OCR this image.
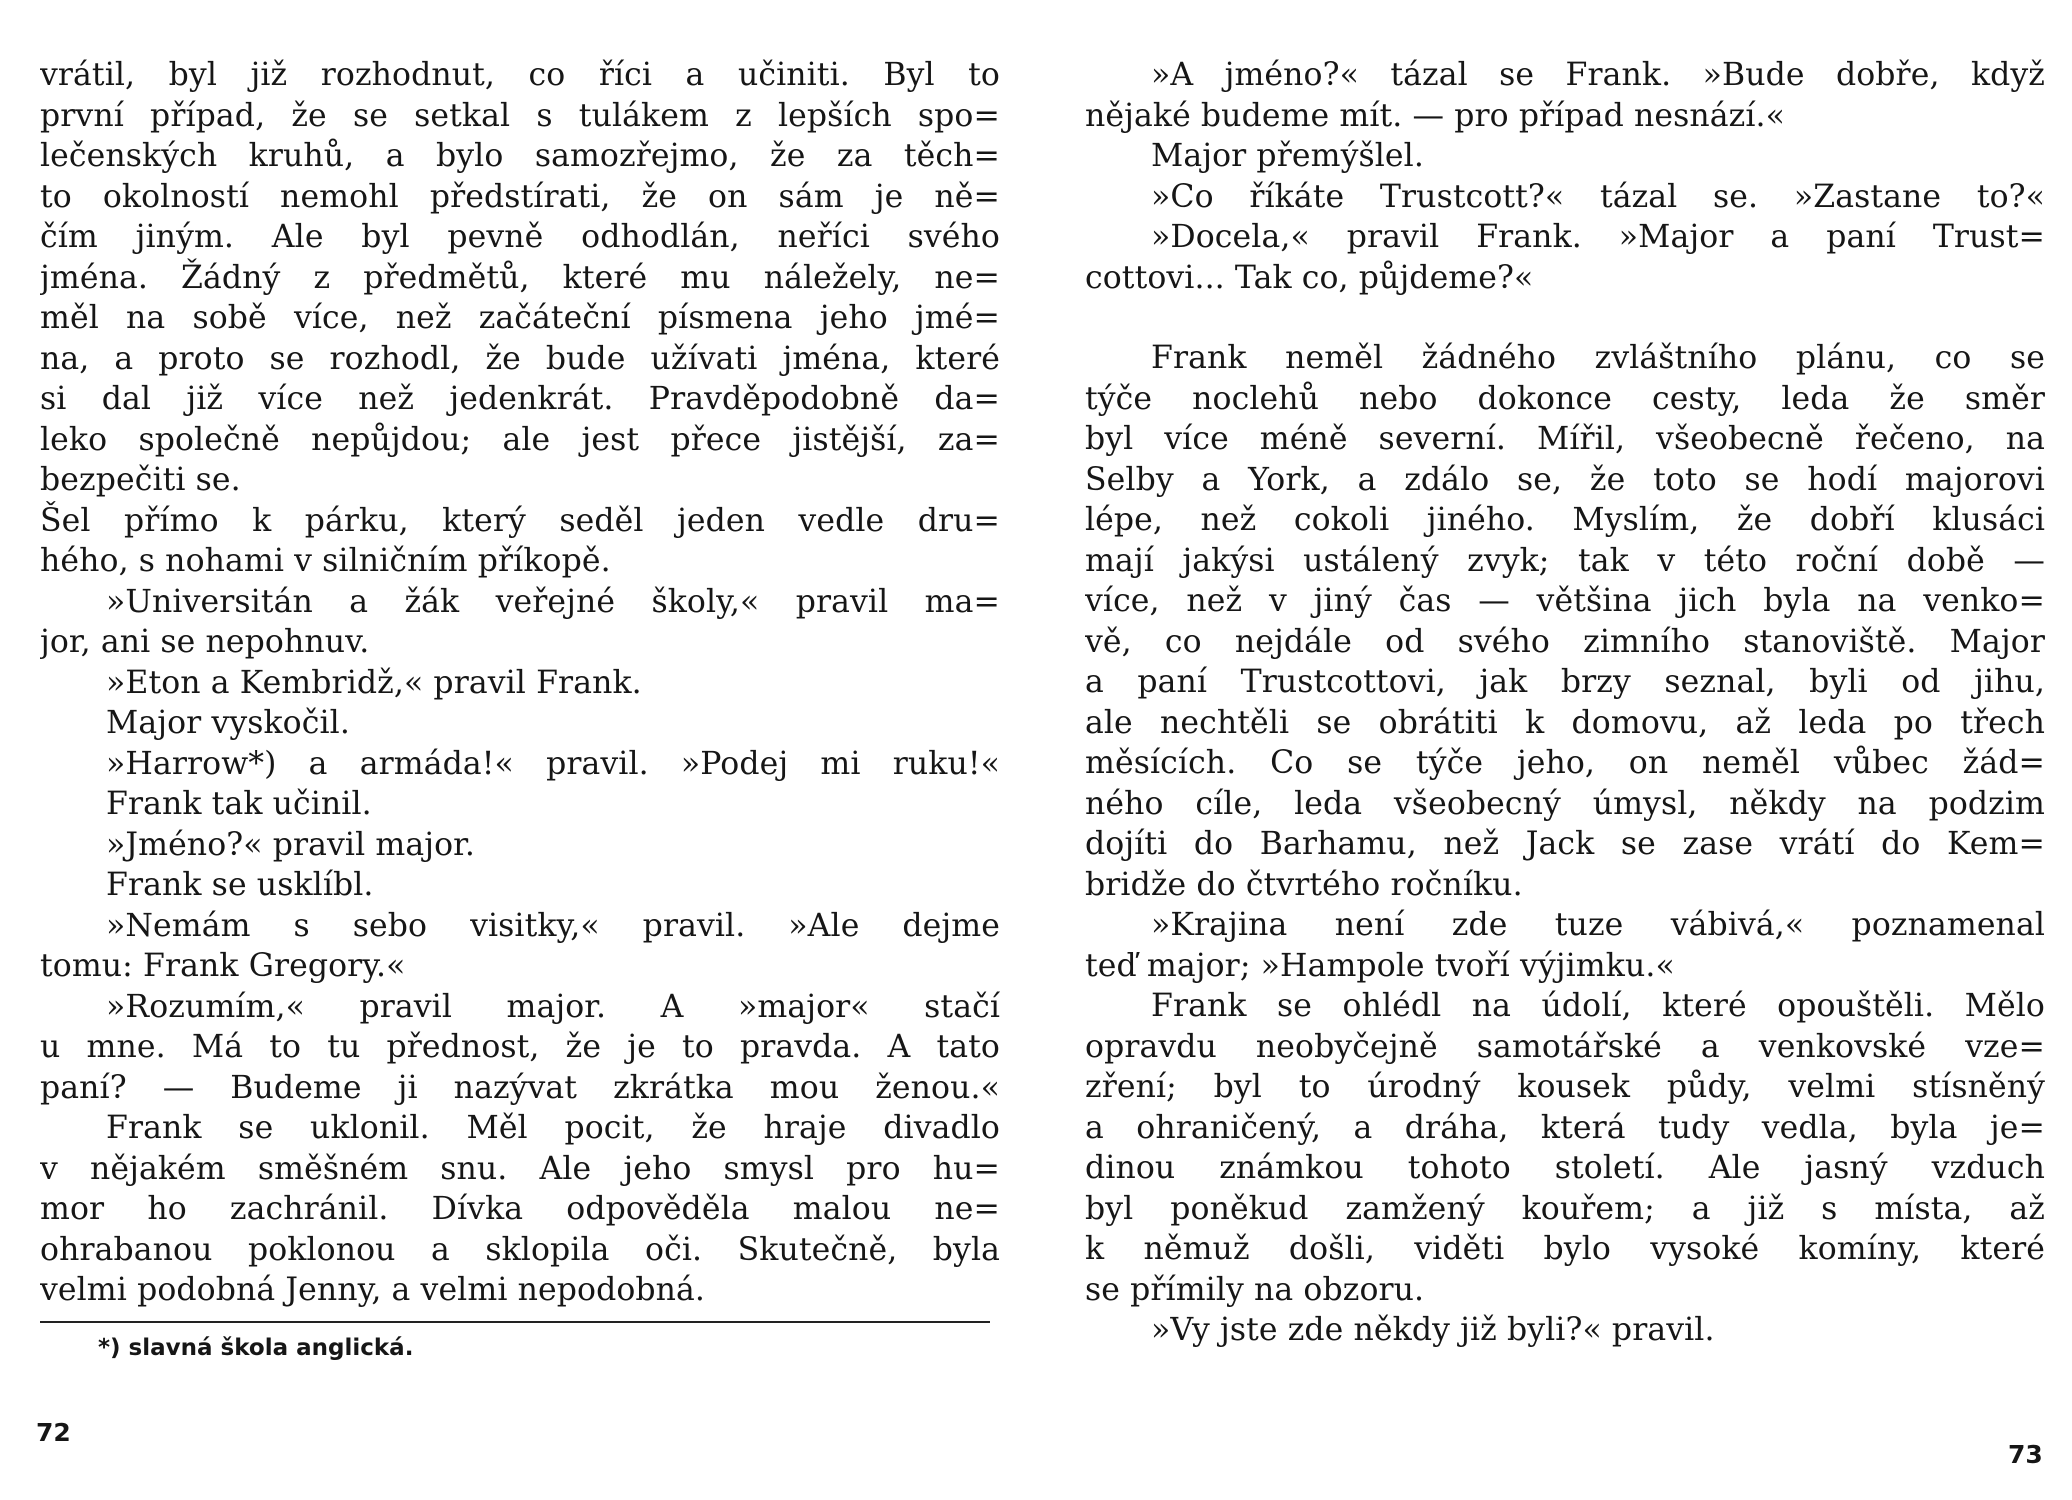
vrátil, byl již rozhodnut, co říci a učiniti. Byl to
první případ, že se setkal s tulákem z lepších spo=
lečenských kruhů, a bylo samozřejmo, že za těch=
to okolností nemohl předstírati, že on sám je ně=
čím jiným. Ale byl pevně odhodlán, neříci svého
jména. Žádný z předmětů, které mu náležely, ne=
měl na sobě více, než začáteční písmena jeho jmé=
na, a proto se rozhodl, že bude užívati jména, které
si dal již více než jedenkrát. Pravděpodobně da=
leko společně nepůjdou; ale jest přece jistější, za=
bezpečiti se.
Šel přímo k párku, který seděl jeden vedle dru=
hého, s nohami v silničním příkopě.
»Universitán a žák veřejné školy,« pravil ma=
jor, ani se nepohnuv.
»Eton a Kembridž,« pravil Frank.
Major vyskočil.
»Harrow*) a armáda!« pravil. »Podej mi ruku!«
Frank tak učinil.
»Jméno?« pravil major.
Frank se usklíbl.
»Nemám s sebo visitky,« pravil. »Ale dejme
tomu: Frank Gregory.«
»Rozumím,« pravil major. A »major« stačí
u mne. Má to tu přednost, že je to pravda. A tato
paní? — Budeme ji nazývat zkrátka mou ženou.«
Frank se uklonil. Měl pocit, že hraje divadlo
v nějakém směšném snu. Ale jeho smysl pro hu=
mor ho zachránil. Dívka odpověděla malou ne=
ohrabanou poklonou a sklopila oči. Skutečně, byla
velmi podobná Jenny, a velmi nepodobná.
*) slavná škola anglická.
72
»A jméno?« tázal se Frank. »Bude dobře, když
nějaké budeme mít. — pro případ nesnází.«
Major přemýšlel.
»Co říkáte Trustcott?« tázal se. »Zastane to?«
»Docela,« pravil Frank. »Major a paní Trust=
cottovi... Tak co, půjdeme?«
Frank neměl žádného zvláštního plánu, co se
týče noclehů nebo dokonce cesty, leda že směr
byl více méně severní. Mířil, všeobecně řečeno, na
Selby a York, a zdálo se, že toto se hodí majorovi
lépe, než cokoli jiného. Myslím, že dobří klusáci
mají jakýsi ustálený zvyk; tak v této roční době —
více, než v jiný čas — většina jich byla na venko=
vě, co nejdále od svého zimního stanoviště. Major
a paní Trustcottovi, jak brzy seznal, byli od jihu,
ale nechtěli se obrátiti k domovu, až leda po třech
měsících. Co se týče jeho, on neměl vůbec žád=
ného cíle, leda všeobecný úmysl, někdy na podzim
dojíti do Barhamu, než Jack se zase vrátí do Kem=
bridže do čtvrtého ročníku.
»Krajina není zde tuze vábivá,« poznamenal
teď major; »Hampole tvoří výjimku.«
Frank se ohlédl na údolí, které opouštěli. Mělo
opravdu neobyčejně samotářské a venkovské vze=
zření; byl to úrodný kousek půdy, velmi stísněný
a ohraničený, a dráha, která tudy vedla, byla je=
dinou známkou tohoto století. Ale jasný vzduch
byl poněkud zamžený kouřem; a již s místa, až
k němuž došli, viděti bylo vysoké komíny, které
se přímily na obzoru.
»Vy jste zde někdy již byli?« pravil.
73
